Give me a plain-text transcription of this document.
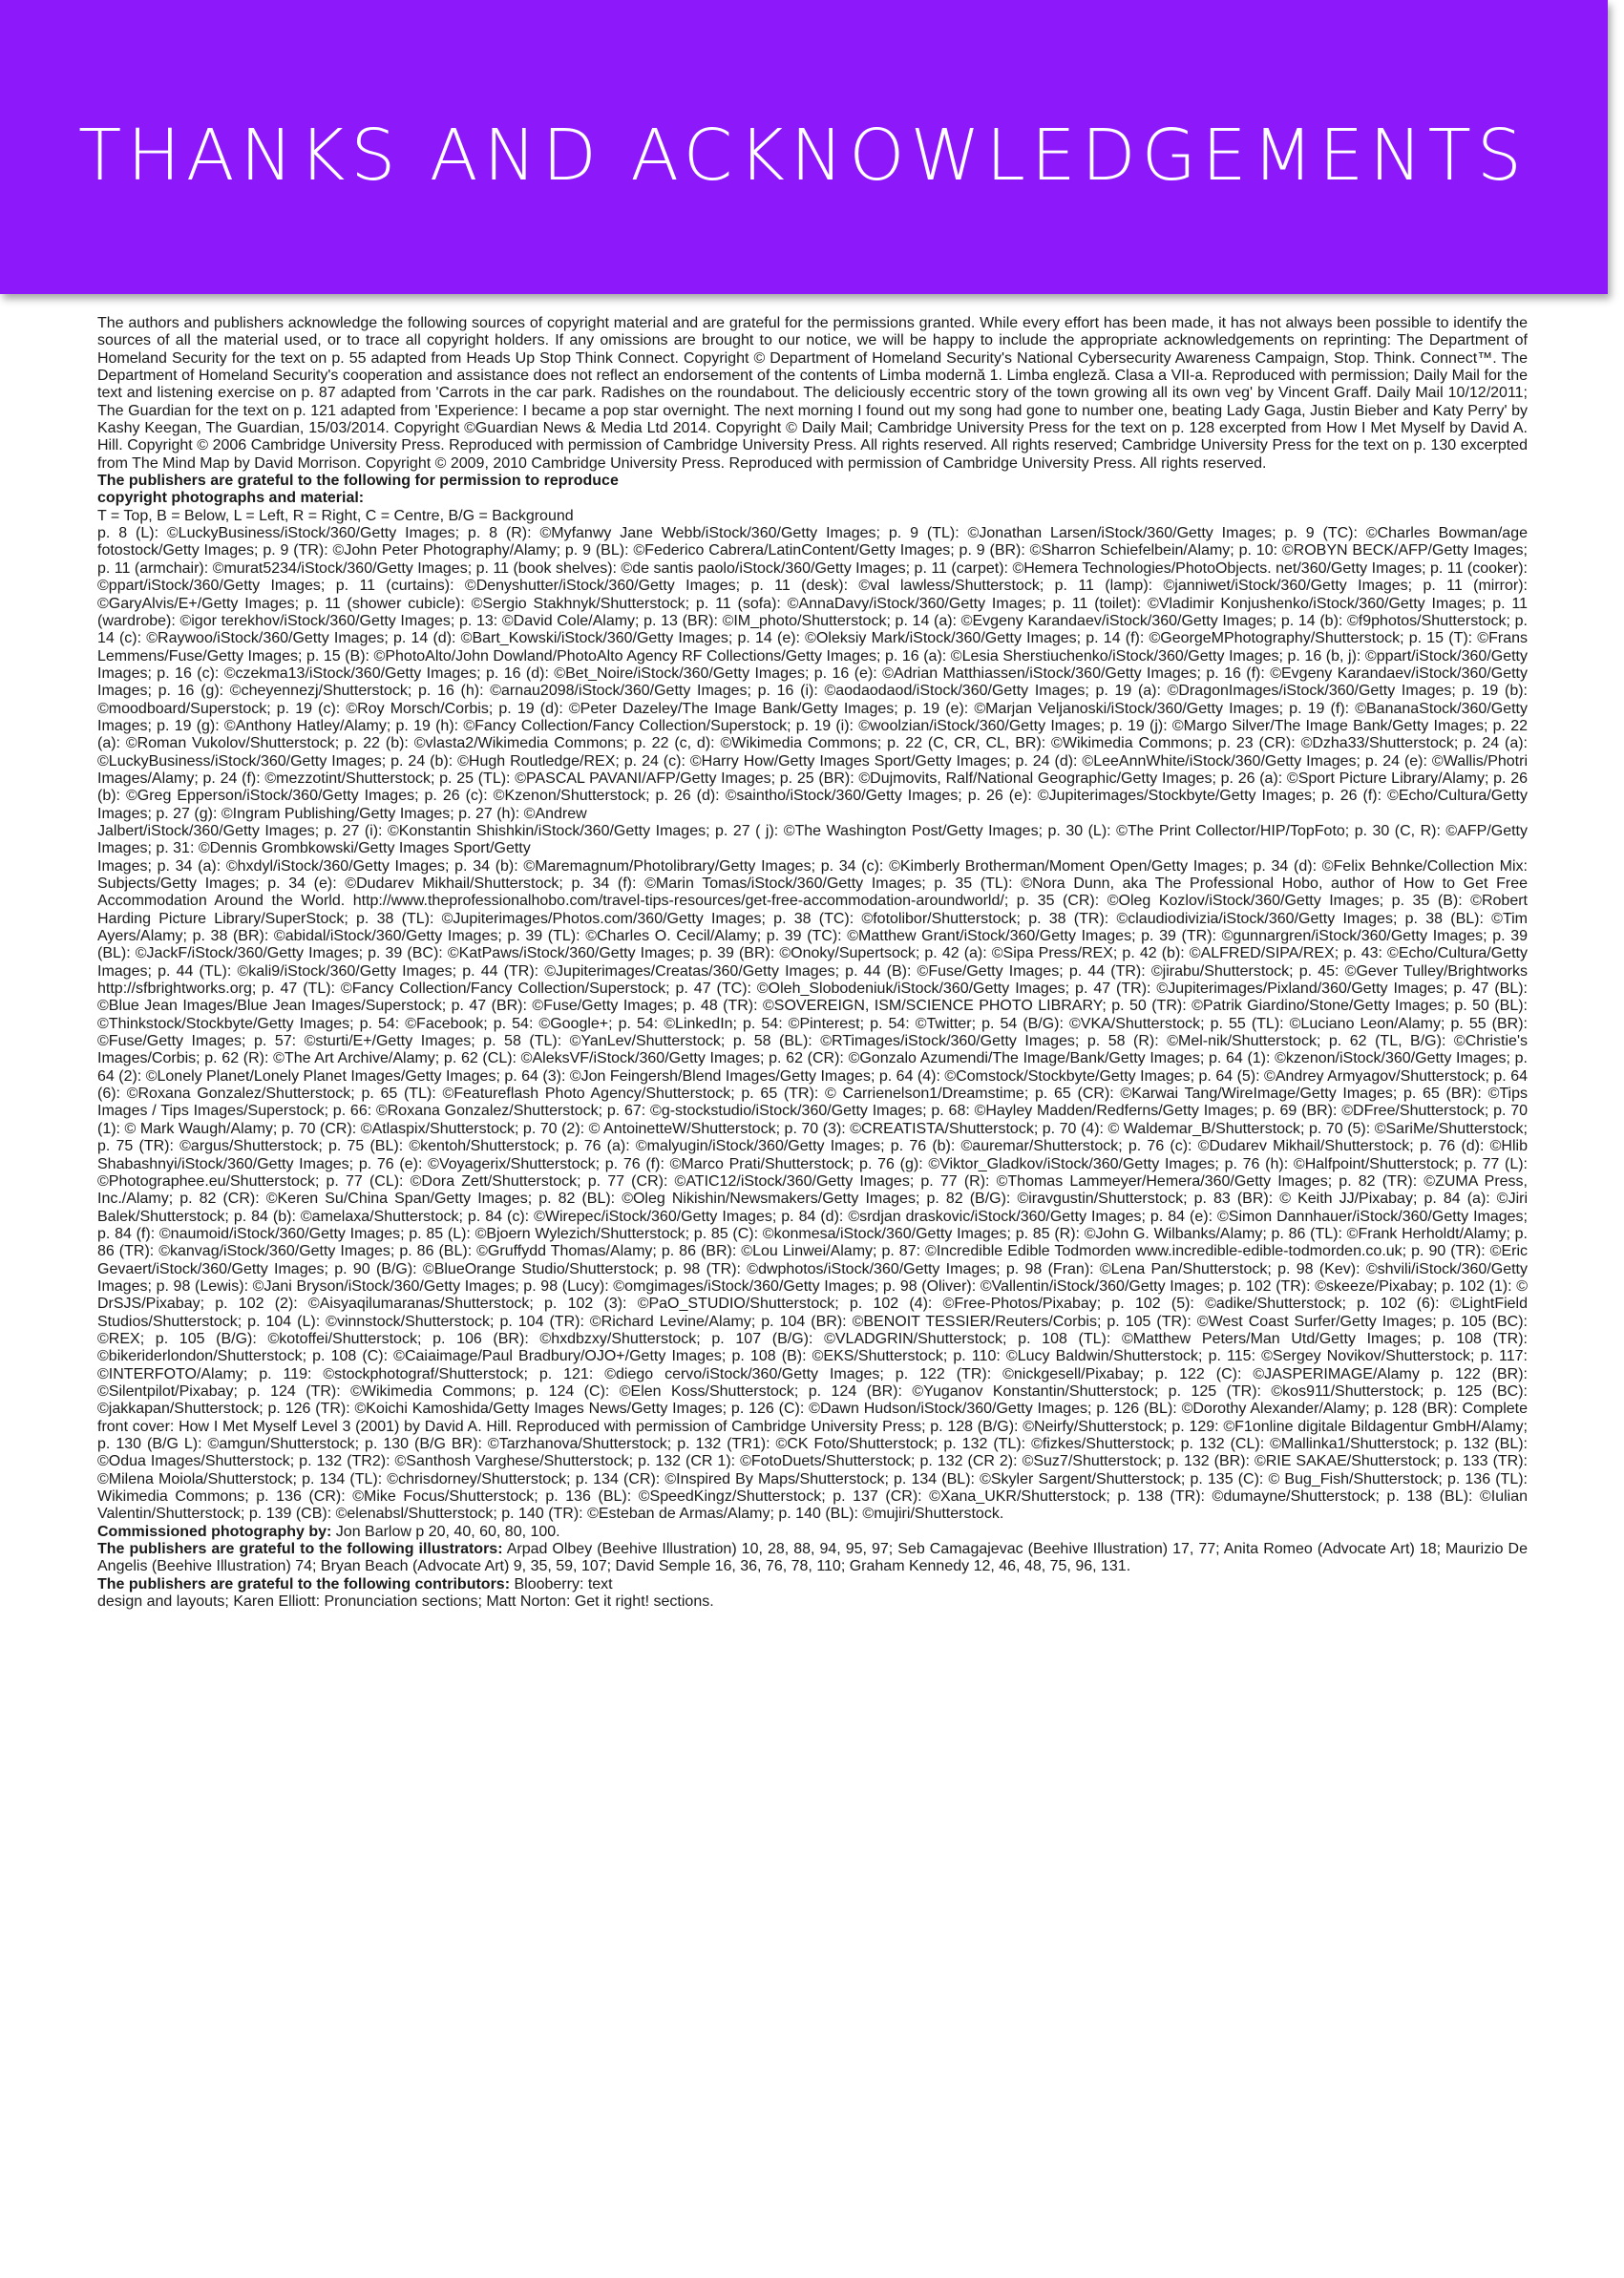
THANKS AND ACKNOWLEDGEMENTS

The authors and publishers acknowledge the following sources of copyright material and are grateful for the permissions granted. While every effort has been made, it has not always been possible to identify the sources of all the material used, or to trace all copyright holders. If any omissions are brought to our notice, we will be happy to include the appropriate acknowledgements on reprinting: The Department of Homeland Security for the text on p. 55 adapted from Heads Up Stop Think Connect. Copyright © Department of Homeland Security's National Cybersecurity Awareness Campaign, Stop. Think. Connect™. The Department of Homeland Security's cooperation and assistance does not reflect an endorsement of the contents of Limba modernă 1. Limba engleză. Clasa a VII-a. Reproduced with permission; Daily Mail for the text and listening exercise on p. 87 adapted from 'Carrots in the car park. Radishes on the roundabout. The deliciously eccentric story of the town growing all its own veg' by Vincent Graff. Daily Mail 10/12/2011; The Guardian for the text on p. 121 adapted from 'Experience: I became a pop star overnight. The next morning I found out my song had gone to number one, beating Lady Gaga, Justin Bieber and Katy Perry' by Kashy Keegan, The Guardian, 15/03/2014. Copyright ©Guardian News & Media Ltd 2014. Copyright © Daily Mail; Cambridge University Press for the text on p. 128 excerpted from How I Met Myself by David A. Hill. Copyright © 2006 Cambridge University Press. Reproduced with permission of Cambridge University Press. All rights reserved. All rights reserved; Cambridge University Press for the text on p. 130 excerpted from The Mind Map by David Morrison. Copyright © 2009, 2010 Cambridge University Press. Reproduced with permission of Cambridge University Press. All rights reserved.

The publishers are grateful to the following for permission to reproduce

copyright photographs and material:

T = Top, B = Below, L = Left, R = Right, C = Centre, B/G = Background

p. 8 (L): ©LuckyBusiness/iStock/360/Getty Images; p. 8 (R): ©Myfanwy Jane Webb/iStock/360/Getty Images; p. 9 (TL): ©Jonathan Larsen/iStock/360/Getty Images; p. 9 (TC): ©Charles Bowman/age fotostock/Getty Images; p. 9 (TR): ©John Peter Photography/Alamy; p. 9 (BL): ©Federico Cabrera/LatinContent/Getty Images; p. 9 (BR): ©Sharron Schiefelbein/Alamy; p. 10: ©ROBYN BECK/AFP/Getty Images; p. 11 (armchair): ©murat5234/iStock/360/Getty Images; p. 11 (book shelves): ©de santis paolo/iStock/360/Getty Images; p. 11 (carpet): ©Hemera Technologies/PhotoObjects. net/360/Getty Images; p. 11 (cooker): ©ppart/iStock/360/Getty Images; p. 11 (curtains): ©Denyshutter/iStock/360/Getty Images; p. 11 (desk): ©val lawless/Shutterstock; p. 11 (lamp): ©janniwet/iStock/360/Getty Images; p. 11 (mirror): ©GaryAlvis/E+/Getty Images; p. 11 (shower cubicle): ©Sergio Stakhnyk/Shutterstock; p. 11 (sofa): ©AnnaDavy/iStock/360/Getty Images; p. 11 (toilet): ©Vladimir Konjushenko/iStock/360/Getty Images; p. 11 (wardrobe): ©igor terekhov/iStock/360/Getty Images; p. 13: ©David Cole/Alamy; p. 13 (BR): ©IM_photo/Shutterstock; p. 14 (a): ©Evgeny Karandaev/iStock/360/Getty Images; p. 14 (b): ©f9photos/Shutterstock; p. 14 (c): ©Raywoo/iStock/360/Getty Images; p. 14 (d): ©Bart_Kowski/iStock/360/Getty Images; p. 14 (e): ©Oleksiy Mark/iStock/360/Getty Images; p. 14 (f): ©GeorgeMPhotography/Shutterstock; p. 15 (T): ©Frans Lemmens/Fuse/Getty Images; p. 15 (B): ©PhotoAlto/John Dowland/PhotoAlto Agency RF Collections/Getty Images; p. 16 (a): ©Lesia Sherstiuchenko/iStock/360/Getty Images; p. 16 (b, j): ©ppart/iStock/360/Getty Images; p. 16 (c): ©czekma13/iStock/360/Getty Images; p. 16 (d): ©Bet_Noire/iStock/360/Getty Images; p. 16 (e): ©Adrian Matthiassen/iStock/360/Getty Images; p. 16 (f): ©Evgeny Karandaev/iStock/360/Getty Images; p. 16 (g): ©cheyennezj/Shutterstock; p. 16 (h): ©arnau2098/iStock/360/Getty Images; p. 16 (i): ©aodaodaod/iStock/360/Getty Images; p. 19 (a): ©DragonImages/iStock/360/Getty Images; p. 19 (b): ©moodboard/Superstock; p. 19 (c): ©Roy Morsch/Corbis; p. 19 (d): ©Peter Dazeley/The Image Bank/Getty Images; p. 19 (e): ©Marjan Veljanoski/iStock/360/Getty Images; p. 19 (f): ©BananaStock/360/Getty Images; p. 19 (g): ©Anthony Hatley/Alamy; p. 19 (h): ©Fancy Collection/Fancy Collection/Superstock; p. 19 (i): ©woolzian/iStock/360/Getty Images; p. 19 (j): ©Margo Silver/The Image Bank/Getty Images; p. 22 (a): ©Roman Vukolov/Shutterstock; p. 22 (b): ©vlasta2/Wikimedia Commons; p. 22 (c, d): ©Wikimedia Commons; p. 22 (C, CR, CL, BR): ©Wikimedia Commons; p. 23 (CR): ©Dzha33/Shutterstock; p. 24 (a): ©LuckyBusiness/iStock/360/Getty Images; p. 24 (b): ©Hugh Routledge/REX; p. 24 (c): ©Harry How/Getty Images Sport/Getty Images; p. 24 (d): ©LeeAnnWhite/iStock/360/Getty Images; p. 24 (e): ©Wallis/Photri Images/Alamy; p. 24 (f): ©mezzotint/Shutterstock; p. 25 (TL): ©PASCAL PAVANI/AFP/Getty Images; p. 25 (BR): ©Dujmovits, Ralf/National Geographic/Getty Images; p. 26 (a): ©Sport Picture Library/Alamy; p. 26 (b): ©Greg Epperson/iStock/360/Getty Images; p. 26 (c): ©Kzenon/Shutterstock; p. 26 (d): ©saintho/iStock/360/Getty Images; p. 26 (e): ©Jupiterimages/Stockbyte/Getty Images; p. 26 (f): ©Echo/Cultura/Getty Images; p. 27 (g): ©Ingram Publishing/Getty Images; p. 27 (h): ©Andrew

Jalbert/iStock/360/Getty Images; p. 27 (i): ©Konstantin Shishkin/iStock/360/Getty Images; p. 27 ( j): ©The Washington Post/Getty Images; p. 30 (L): ©The Print Collector/HIP/TopFoto; p. 30 (C, R): ©AFP/Getty Images; p. 31: ©Dennis Grombkowski/Getty Images Sport/Getty

Images; p. 34 (a): ©hxdyl/iStock/360/Getty Images; p. 34 (b): ©Maremagnum/Photolibrary/Getty Images; p. 34 (c): ©Kimberly Brotherman/Moment Open/Getty Images; p. 34 (d): ©Felix Behnke/Collection Mix: Subjects/Getty Images; p. 34 (e): ©Dudarev Mikhail/Shutterstock; p. 34 (f): ©Marin Tomas/iStock/360/Getty Images; p. 35 (TL): ©Nora Dunn, aka The Professional Hobo, author of How to Get Free Accommodation Around the World. http://www.theprofessionalhobo.com/travel-tips-resources/get-free-accommodation-aroundworld/; p. 35 (CR): ©Oleg Kozlov/iStock/360/Getty Images; p. 35 (B): ©Robert Harding Picture Library/SuperStock; p. 38 (TL): ©Jupiterimages/Photos.com/360/Getty Images; p. 38 (TC): ©fotolibor/Shutterstock; p. 38 (TR): ©claudiodivizia/iStock/360/Getty Images; p. 38 (BL): ©Tim Ayers/Alamy; p. 38 (BR): ©abidal/iStock/360/Getty Images; p. 39 (TL): ©Charles O. Cecil/Alamy; p. 39 (TC): ©Matthew Grant/iStock/360/Getty Images; p. 39 (TR): ©gunnargren/iStock/360/Getty Images; p. 39 (BL): ©JackF/iStock/360/Getty Images; p. 39 (BC): ©KatPaws/iStock/360/Getty Images; p. 39 (BR): ©Onoky/Supertsock; p. 42 (a): ©Sipa Press/REX; p. 42 (b): ©ALFRED/SIPA/REX; p. 43: ©Echo/Cultura/Getty Images; p. 44 (TL): ©kali9/iStock/360/Getty Images; p. 44 (TR): ©Jupiterimages/Creatas/360/Getty Images; p. 44 (B): ©Fuse/Getty Images; p. 44 (TR): ©jirabu/Shutterstock; p. 45: ©Gever Tulley/Brightworks http://sfbrightworks.org; p. 47 (TL): ©Fancy Collection/Fancy Collection/Superstock; p. 47 (TC): ©Oleh_Slobodeniuk/iStock/360/Getty Images; p. 47 (TR): ©Jupiterimages/Pixland/360/Getty Images; p. 47 (BL): ©Blue Jean Images/Blue Jean Images/Superstock; p. 47 (BR): ©Fuse/Getty Images; p. 48 (TR): ©SOVEREIGN, ISM/SCIENCE PHOTO LIBRARY; p. 50 (TR): ©Patrik Giardino/Stone/Getty Images; p. 50 (BL): ©Thinkstock/Stockbyte/Getty Images; p. 54: ©Facebook; p. 54: ©Google+; p. 54: ©LinkedIn; p. 54: ©Pinterest; p. 54: ©Twitter; p. 54 (B/G): ©VKA/Shutterstock; p. 55 (TL): ©Luciano Leon/Alamy; p. 55 (BR): ©Fuse/Getty Images; p. 57: ©sturti/E+/Getty Images; p. 58 (TL): ©YanLev/Shutterstock; p. 58 (BL): ©RTimages/iStock/360/Getty Images; p. 58 (R): ©Mel-nik/Shutterstock; p. 62 (TL, B/G): ©Christie's Images/Corbis; p. 62 (R): ©The Art Archive/Alamy; p. 62 (CL): ©AleksVF/iStock/360/Getty Images; p. 62 (CR): ©Gonzalo Azumendi/The Image/Bank/Getty Images; p. 64 (1): ©kzenon/iStock/360/Getty Images; p. 64 (2): ©Lonely Planet/Lonely Planet Images/Getty Images; p. 64 (3): ©Jon Feingersh/Blend Images/Getty Images; p. 64 (4): ©Comstock/Stockbyte/Getty Images; p. 64 (5): ©Andrey Armyagov/Shutterstock; p. 64 (6): ©Roxana Gonzalez/Shutterstock; p. 65 (TL): ©Featureflash Photo Agency/Shutterstock; p. 65 (TR): © Carrienelson1/Dreamstime; p. 65 (CR): ©Karwai Tang/WireImage/Getty Images; p. 65 (BR): ©Tips Images / Tips Images/Superstock; p. 66: ©Roxana Gonzalez/Shutterstock; p. 67: ©g-stockstudio/iStock/360/Getty Images; p. 68: ©Hayley Madden/Redferns/Getty Images; p. 69 (BR): ©DFree/Shutterstock; p. 70 (1): © Mark Waugh/Alamy; p. 70 (CR): ©Atlaspix/Shutterstock; p. 70 (2): © AntoinetteW/Shutterstock; p. 70 (3): ©CREATISTA/Shutterstock; p. 70 (4): © Waldemar_B/Shutterstock; p. 70 (5): ©SariMe/Shutterstock; p. 75 (TR): ©argus/Shutterstock; p. 75 (BL): ©kentoh/Shutterstock; p. 76 (a): ©malyugin/iStock/360/Getty Images; p. 76 (b): ©auremar/Shutterstock; p. 76 (c): ©Dudarev Mikhail/Shutterstock; p. 76 (d): ©Hlib Shabashnyi/iStock/360/Getty Images; p. 76 (e): ©Voyagerix/Shutterstock; p. 76 (f): ©Marco Prati/Shutterstock; p. 76 (g): ©Viktor_Gladkov/iStock/360/Getty Images; p. 76 (h): ©Halfpoint/Shutterstock; p. 77 (L): ©Photographee.eu/Shutterstock; p. 77 (CL): ©Dora Zett/Shutterstock; p. 77 (CR): ©ATIC12/iStock/360/Getty Images; p. 77 (R): ©Thomas Lammeyer/Hemera/360/Getty Images; p. 82 (TR): ©ZUMA Press, Inc./Alamy; p. 82 (CR): ©Keren Su/China Span/Getty Images; p. 82 (BL): ©Oleg Nikishin/Newsmakers/Getty Images; p. 82 (B/G): ©iravgustin/Shutterstock; p. 83 (BR): © Keith JJ/Pixabay; p. 84 (a): ©Jiri Balek/Shutterstock; p. 84 (b): ©amelaxa/Shutterstock; p. 84 (c): ©Wirepec/iStock/360/Getty Images; p. 84 (d): ©srdjan draskovic/iStock/360/Getty Images; p. 84 (e): ©Simon Dannhauer/iStock/360/Getty Images; p. 84 (f): ©naumoid/iStock/360/Getty Images; p. 85 (L): ©Bjoern Wylezich/Shutterstock; p. 85 (C): ©konmesa/iStock/360/Getty Images; p. 85 (R): ©John G. Wilbanks/Alamy; p. 86 (TL): ©Frank Herholdt/Alamy; p. 86 (TR): ©kanvag/iStock/360/Getty Images; p. 86 (BL): ©Gruffydd Thomas/Alamy; p. 86 (BR): ©Lou Linwei/Alamy; p. 87: ©Incredible Edible Todmorden www.incredible-edible-todmorden.co.uk; p. 90 (TR): ©Eric Gevaert/iStock/360/Getty Images; p. 90 (B/G): ©BlueOrange Studio/Shutterstock; p. 98 (TR): ©dwphotos/iStock/360/Getty Images; p. 98 (Fran): ©Lena Pan/Shutterstock; p. 98 (Kev): ©shvili/iStock/360/Getty Images; p. 98 (Lewis): ©Jani Bryson/iStock/360/Getty Images; p. 98 (Lucy): ©omgimages/iStock/360/Getty Images; p. 98 (Oliver): ©Vallentin/iStock/360/Getty Images; p. 102 (TR): ©skeeze/Pixabay; p. 102 (1): © DrSJS/Pixabay; p. 102 (2): ©Aisyaqilumaranas/Shutterstock; p. 102 (3): ©PaO_STUDIO/Shutterstock; p. 102 (4): ©Free-Photos/Pixabay; p. 102 (5): ©adike/Shutterstock; p. 102 (6): ©LightField Studios/Shutterstock; p. 104 (L): ©vinnstock/Shutterstock; p. 104 (TR): ©Richard Levine/Alamy; p. 104 (BR): ©BENOIT TESSIER/Reuters/Corbis; p. 105 (TR): ©West Coast Surfer/Getty Images; p. 105 (BC): ©REX; p. 105 (B/G): ©kotoffei/Shutterstock; p. 106 (BR): ©hxdbzxy/Shutterstock; p. 107 (B/G): ©VLADGRIN/Shutterstock; p. 108 (TL): ©Matthew Peters/Man Utd/Getty Images; p. 108 (TR): ©bikeriderlondon/Shutterstock; p. 108 (C): ©Caiaimage/Paul Bradbury/OJO+/Getty Images; p. 108 (B): ©EKS/Shutterstock; p. 110: ©Lucy Baldwin/Shutterstock; p. 115: ©Sergey Novikov/Shutterstock; p. 117: ©INTERFOTO/Alamy; p. 119: ©stockphotograf/Shutterstock; p. 121: ©diego cervo/iStock/360/Getty Images; p. 122 (TR): ©nickgesell/Pixabay; p. 122 (C): ©JASPERIMAGE/Alamy p. 122 (BR): ©Silentpilot/Pixabay; p. 124 (TR): ©Wikimedia Commons; p. 124 (C): ©Elen Koss/Shutterstock; p. 124 (BR): ©Yuganov Konstantin/Shutterstock; p. 125 (TR): ©kos911/Shutterstock; p. 125 (BC): ©jakkapan/Shutterstock; p. 126 (TR): ©Koichi Kamoshida/Getty Images News/Getty Images; p. 126 (C): ©Dawn Hudson/iStock/360/Getty Images; p. 126 (BL): ©Dorothy Alexander/Alamy; p. 128 (BR): Complete front cover: How I Met Myself Level 3 (2001) by David A. Hill. Reproduced with permission of Cambridge University Press; p. 128 (B/G): ©Neirfy/Shutterstock; p. 129: ©F1online digitale Bildagentur GmbH/Alamy; p. 130 (B/G L): ©amgun/Shutterstock; p. 130 (B/G BR): ©Tarzhanova/Shutterstock; p. 132 (TR1): ©CK Foto/Shutterstock; p. 132 (TL): ©fizkes/Shutterstock; p. 132 (CL): ©Mallinka1/Shutterstock; p. 132 (BL): ©Odua Images/Shutterstock; p. 132 (TR2): ©Santhosh Varghese/Shutterstock; p. 132 (CR 1): ©FotoDuets/Shutterstock; p. 132 (CR 2): ©Suz7/Shutterstock; p. 132 (BR): ©RIE SAKAE/Shutterstock; p. 133 (TR): ©Milena Moiola/Shutterstock; p. 134 (TL): ©chrisdorney/Shutterstock; p. 134 (CR): ©Inspired By Maps/Shutterstock; p. 134 (BL): ©Skyler Sargent/Shutterstock; p. 135 (C): © Bug_Fish/Shutterstock; p. 136 (TL): Wikimedia Commons; p. 136 (CR): ©Mike Focus/Shutterstock; p. 136 (BL): ©SpeedKingz/Shutterstock; p. 137 (CR): ©Xana_UKR/Shutterstock; p. 138 (TR): ©dumayne/Shutterstock; p. 138 (BL): ©Iulian Valentin/Shutterstock; p. 139 (CB): ©elenabsl/Shutterstock; p. 140 (TR): ©Esteban de Armas/Alamy; p. 140 (BL): ©mujiri/Shutterstock.

Commissioned photography by: Jon Barlow p 20, 40, 60, 80, 100.

The publishers are grateful to the following illustrators: Arpad Olbey (Beehive Illustration) 10, 28, 88, 94, 95, 97; Seb Camagajevac (Beehive Illustration) 17, 77; Anita Romeo (Advocate Art) 18; Maurizio De Angelis (Beehive Illustration) 74; Bryan Beach (Advocate Art) 9, 35, 59, 107; David Semple 16, 36, 76, 78, 110; Graham Kennedy 12, 46, 48, 75, 96, 131.

The publishers are grateful to the following contributors: Blooberry: text

design and layouts; Karen Elliott: Pronunciation sections; Matt Norton: Get it right! sections.
